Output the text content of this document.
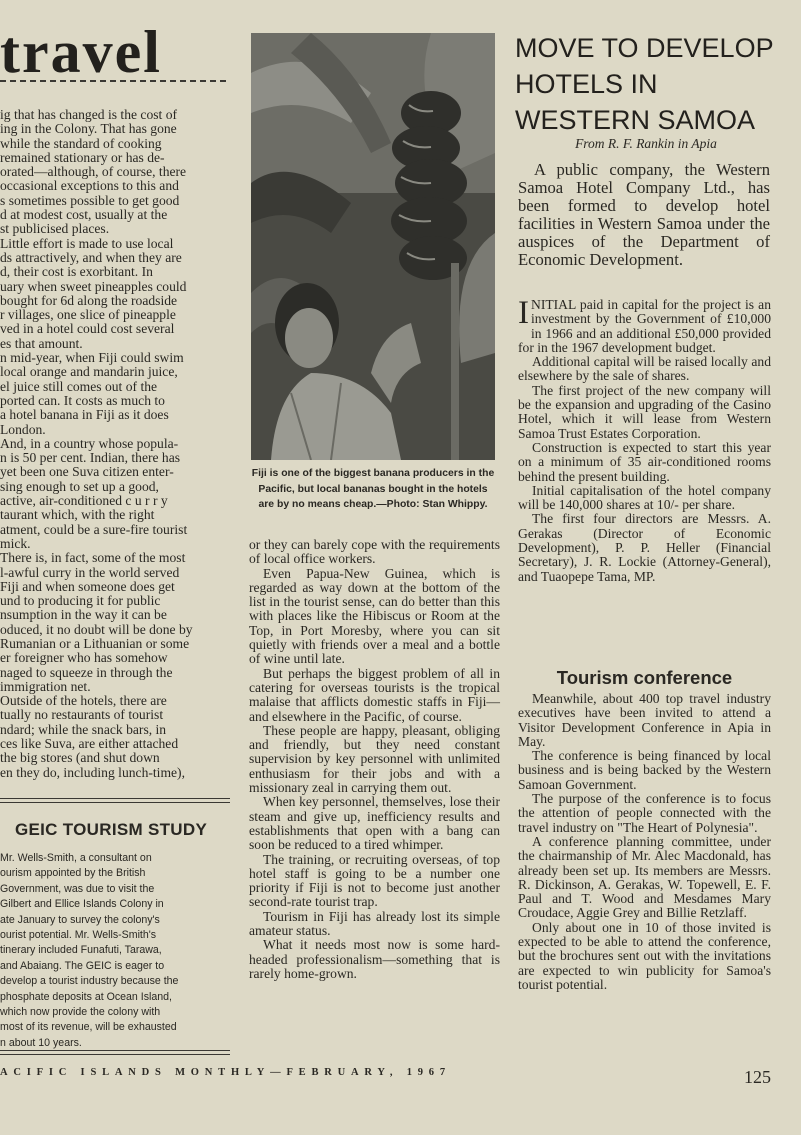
travel

ig that has changed is the cost of

ing in the Colony. That has gone

while the standard of cooking

remained stationary or has de-

orated—although, of course, there

occasional exceptions to this and

s sometimes possible to get good

d at modest cost, usually at the

st publicised places.

Little effort is made to use local

ds attractively, and when they are

d, their cost is exorbitant. In

uary when sweet pineapples could

bought for 6d along the roadside

r villages, one slice of pineapple

ved in a hotel could cost several

es that amount.

n mid-year, when Fiji could swim

local orange and mandarin juice,

el juice still comes out of the

ported can. It costs as much to

a hotel banana in Fiji as it does

London.

And, in a country whose popula-

n is 50 per cent. Indian, there has

yet been one Suva citizen enter-

sing enough to set up a good,

active, air-conditioned c u r r y

taurant which, with the right

atment, could be a sure-fire tourist

mick.

There is, in fact, some of the most

l-awful curry in the world served

Fiji and when someone does get

und to producing it for public

nsumption in the way it can be

oduced, it no doubt will be done by

Rumanian or a Lithuanian or some

er foreigner who has somehow

naged to squeeze in through the

immigration net.

Outside of the hotels, there are

tually no restaurants of tourist

ndard; while the snack bars, in

ces like Suva, are either attached

the big stores (and shut down

en they do, including lunch-time),

GEIC TOURISM STUDY

Mr. Wells-Smith, a consultant on

ourism appointed by the British

Government, was due to visit the

Gilbert and Ellice Islands Colony in

ate January to survey the colony's

ourist potential. Mr. Wells-Smith's

tinerary included Funafuti, Tarawa,

and Abaiang. The GEIC is eager to

develop a tourist industry because the

phosphate deposits at Ocean Island,

which now provide the colony with

most of its revenue, will be exhausted

n about 10 years.

Fiji is one of the biggest banana producers in the Pacific, but local bananas bought in the hotels are by no means cheap.—Photo: Stan Whippy.

or they can barely cope with the requirements of local office workers.

Even Papua-New Guinea, which is regarded as way down at the bottom of the list in the tourist sense, can do better than this with places like the Hibiscus or Room at the Top, in Port Moresby, where you can sit quietly with friends over a meal and a bottle of wine until late.

But perhaps the biggest problem of all in catering for overseas tourists is the tropical malaise that afflicts domestic staffs in Fiji—and elsewhere in the Pacific, of course.

These people are happy, pleasant, obliging and friendly, but they need constant supervision by key personnel with unlimited enthusiasm for their jobs and with a missionary zeal in carrying them out.

When key personnel, themselves, lose their steam and give up, inefficiency results and establishments that open with a bang can soon be reduced to a tired whimper.

The training, or recruiting overseas, of top hotel staff is going to be a number one priority if Fiji is not to become just another second-rate tourist trap.

Tourism in Fiji has already lost its simple amateur status.

What it needs most now is some hard-headed professionalism—something that is rarely home-grown.

MOVE TO DEVELOP HOTELS IN WESTERN SAMOA
From R. F. Rankin in Apia

A public company, the Western Samoa Hotel Company Ltd., has been formed to develop hotel facilities in Western Samoa under the auspices of the Department of Economic Development.

INITIAL paid in capital for the project is an investment by the Government of £10,000 in 1966 and an additional £50,000 provided for in the 1967 development budget.

Additional capital will be raised locally and elsewhere by the sale of shares.

The first project of the new company will be the expansion and upgrading of the Casino Hotel, which it will lease from Western Samoa Trust Estates Corporation.

Construction is expected to start this year on a minimum of 35 air-conditioned rooms behind the present building.

Initial capitalisation of the hotel company will be 140,000 shares at 10/- per share.

The first four directors are Messrs. A. Gerakas (Director of Economic Development), P. P. Heller (Financial Secretary), J. R. Lockie (Attorney-General), and Tuaopepe Tama, MP.

Tourism conference

Meanwhile, about 400 top travel industry executives have been invited to attend a Visitor Development Conference in Apia in May.

The conference is being financed by local business and is being backed by the Western Samoan Government.

The purpose of the conference is to focus the attention of people connected with the travel industry on "The Heart of Polynesia".

A conference planning committee, under the chairmanship of Mr. Alec Macdonald, has already been set up. Its members are Messrs. R. Dickinson, A. Gerakas, W. Topewell, E. F. Paul and T. Wood and Mesdames Mary Croudace, Aggie Grey and Billie Retzlaff.

Only about one in 10 of those invited is expected to be able to attend the conference, but the brochures sent out with the invitations are expected to win publicity for Samoa's tourist potential.

ACIFIC ISLANDS MONTHLY—FEBRUARY, 1967	125
